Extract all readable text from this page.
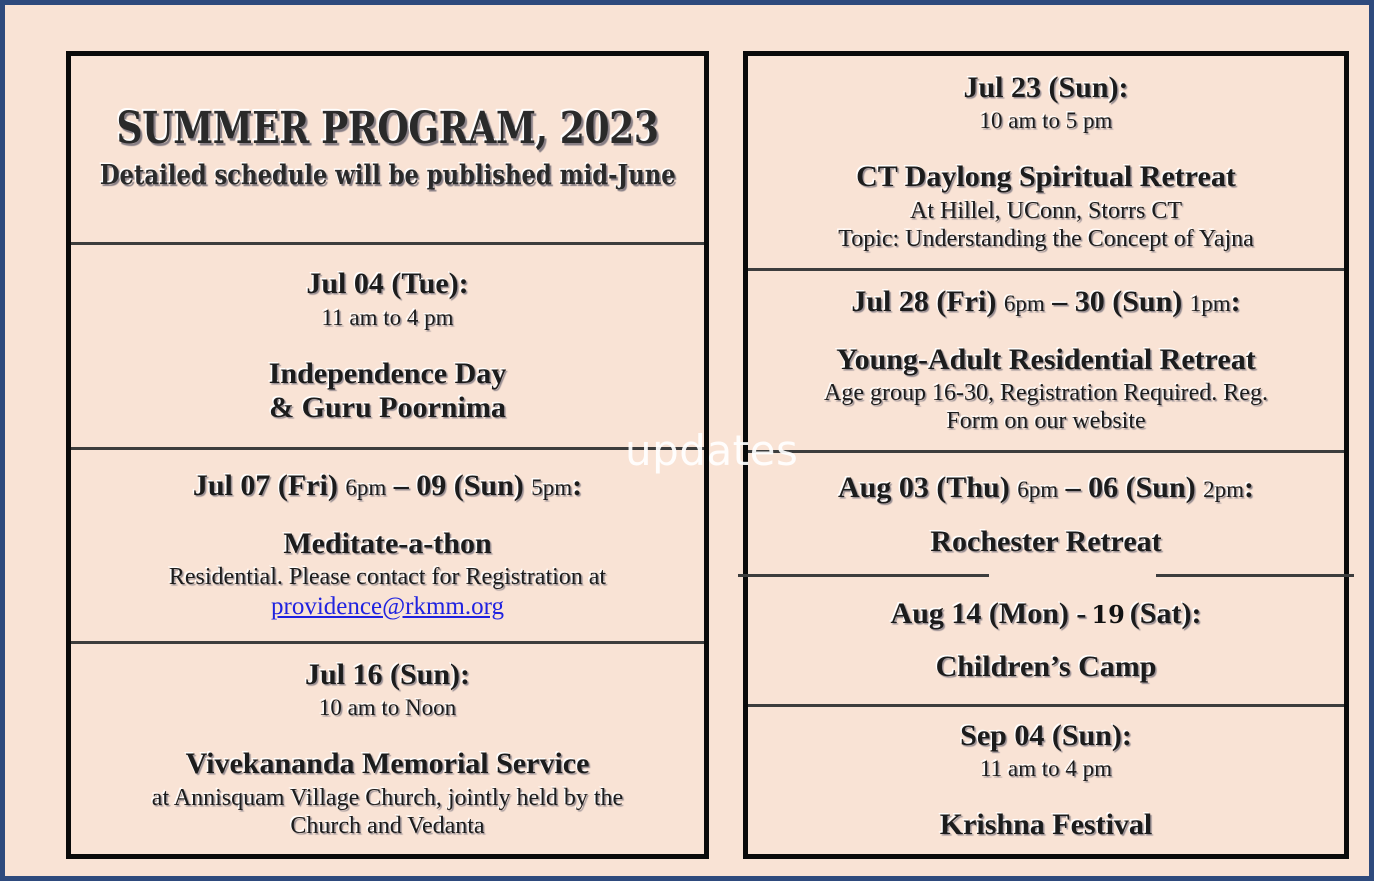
SUMMER PROGRAM, 2023
Detailed schedule will be published mid-June
Jul 04 (Tue):
11 am to 4 pm
Independence Day
& Guru Poornima
Jul 07 (Fri) 6pm – 09 (Sun) 5pm:
Meditate-a-thon
Residential. Please contact for Registration at
providence@rkmm.org
Jul 16 (Sun):
10 am to Noon
Vivekananda Memorial Service
at Annisquam Village Church, jointly held by the
Church and Vedanta
Jul 23 (Sun):
10 am to 5 pm
CT Daylong Spiritual Retreat
At Hillel, UConn, Storrs CT
Topic: Understanding the Concept of Yajna
Jul 28 (Fri) 6pm – 30 (Sun) 1pm:
Young-Adult Residential Retreat
Age group 16-30, Registration Required. Reg.
Form on our website
Aug 03 (Thu) 6pm – 06 (Sun) 2pm:
Rochester Retreat
Aug 14 (Mon) - 19 (Sat):
Children’s Camp
Sep 04 (Sun):
11 am to 4 pm
Krishna Festival
updates
